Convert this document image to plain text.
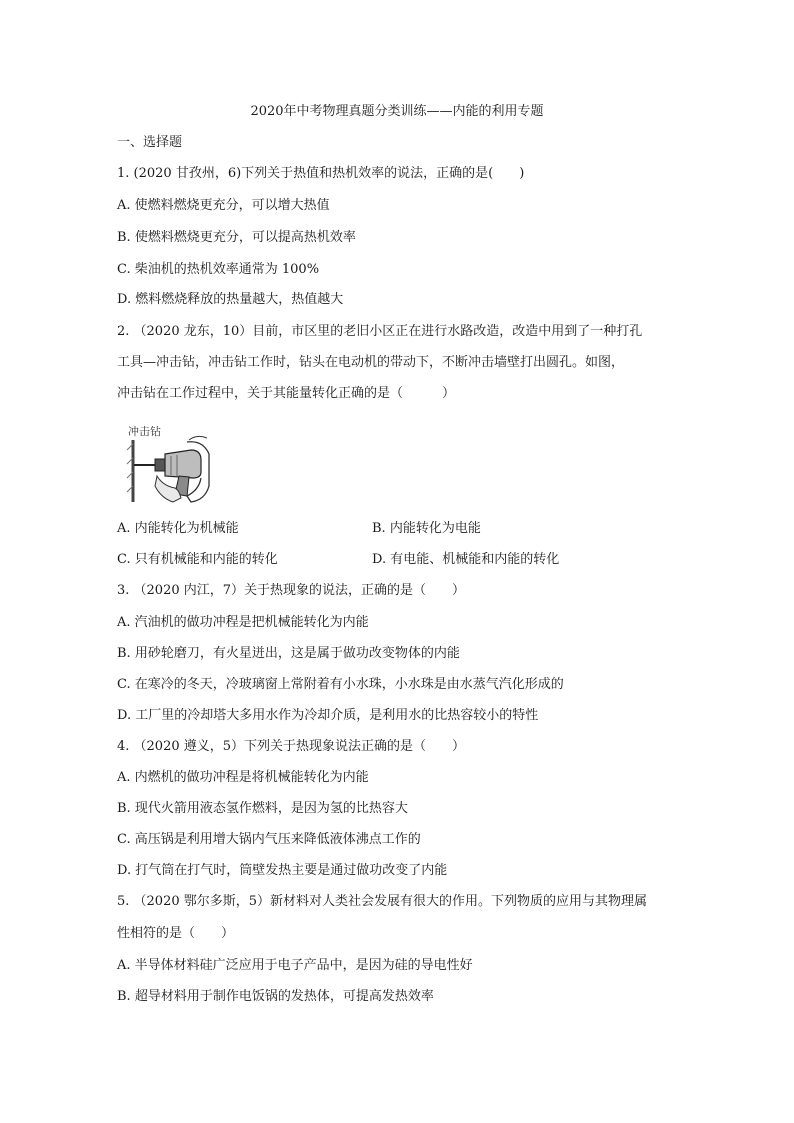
2020年中考物理真题分类训练——内能的利用专题
一、选择题
1. (2020 甘孜州，6)下列关于热值和热机效率的说法，正确的是(　　)
A. 使燃料燃烧更充分，可以增大热值
B. 使燃料燃烧更充分，可以提高热机效率
C. 柴油机的热机效率通常为 100%
D. 燃料燃烧释放的热量越大，热值越大
2. （2020 龙东，10）目前，市区里的老旧小区正在进行水路改造，改造中用到了一种打孔
工具—冲击钻，冲击钻工作时，钻头在电动机的带动下，不断冲击墙壁打出圆孔。如图，
冲击钻在工作过程中，关于其能量转化正确的是（　　　）
冲击钻
A. 内能转化为机械能	B. 内能转化为电能
C. 只有机械能和内能的转化	D. 有电能、机械能和内能的转化
3. （2020 内江，7）关于热现象的说法，正确的是（　　）
A. 汽油机的做功冲程是把机械能转化为内能
B. 用砂轮磨刀，有火星迸出，这是属于做功改变物体的内能
C. 在寒冷的冬天，冷玻璃窗上常附着有小水珠，小水珠是由水蒸气汽化形成的
D. 工厂里的冷却塔大多用水作为冷却介质，是利用水的比热容较小的特性
4. （2020 遵义，5）下列关于热现象说法正确的是（　　）
A. 内燃机的做功冲程是将机械能转化为内能
B. 现代火箭用液态氢作燃料，是因为氢的比热容大
C. 高压锅是利用增大锅内气压来降低液体沸点工作的
D. 打气筒在打气时，筒壁发热主要是通过做功改变了内能
5. （2020 鄂尔多斯，5）新材料对人类社会发展有很大的作用。下列物质的应用与其物理属
性相符的是（　　）
A. 半导体材料硅广泛应用于电子产品中，是因为硅的导电性好
B. 超导材料用于制作电饭锅的发热体，可提高发热效率
